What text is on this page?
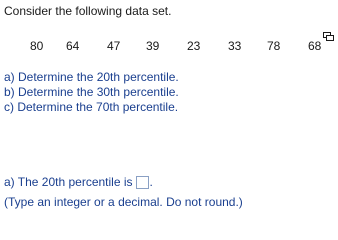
Consider the following data set.
80 64 47 39 23 33 78 68
a) Determine the 20th percentile.
b) Determine the 30th percentile.
c) Determine the 70th percentile.
a) The 20th percentile is .
(Type an integer or a decimal. Do not round.)
